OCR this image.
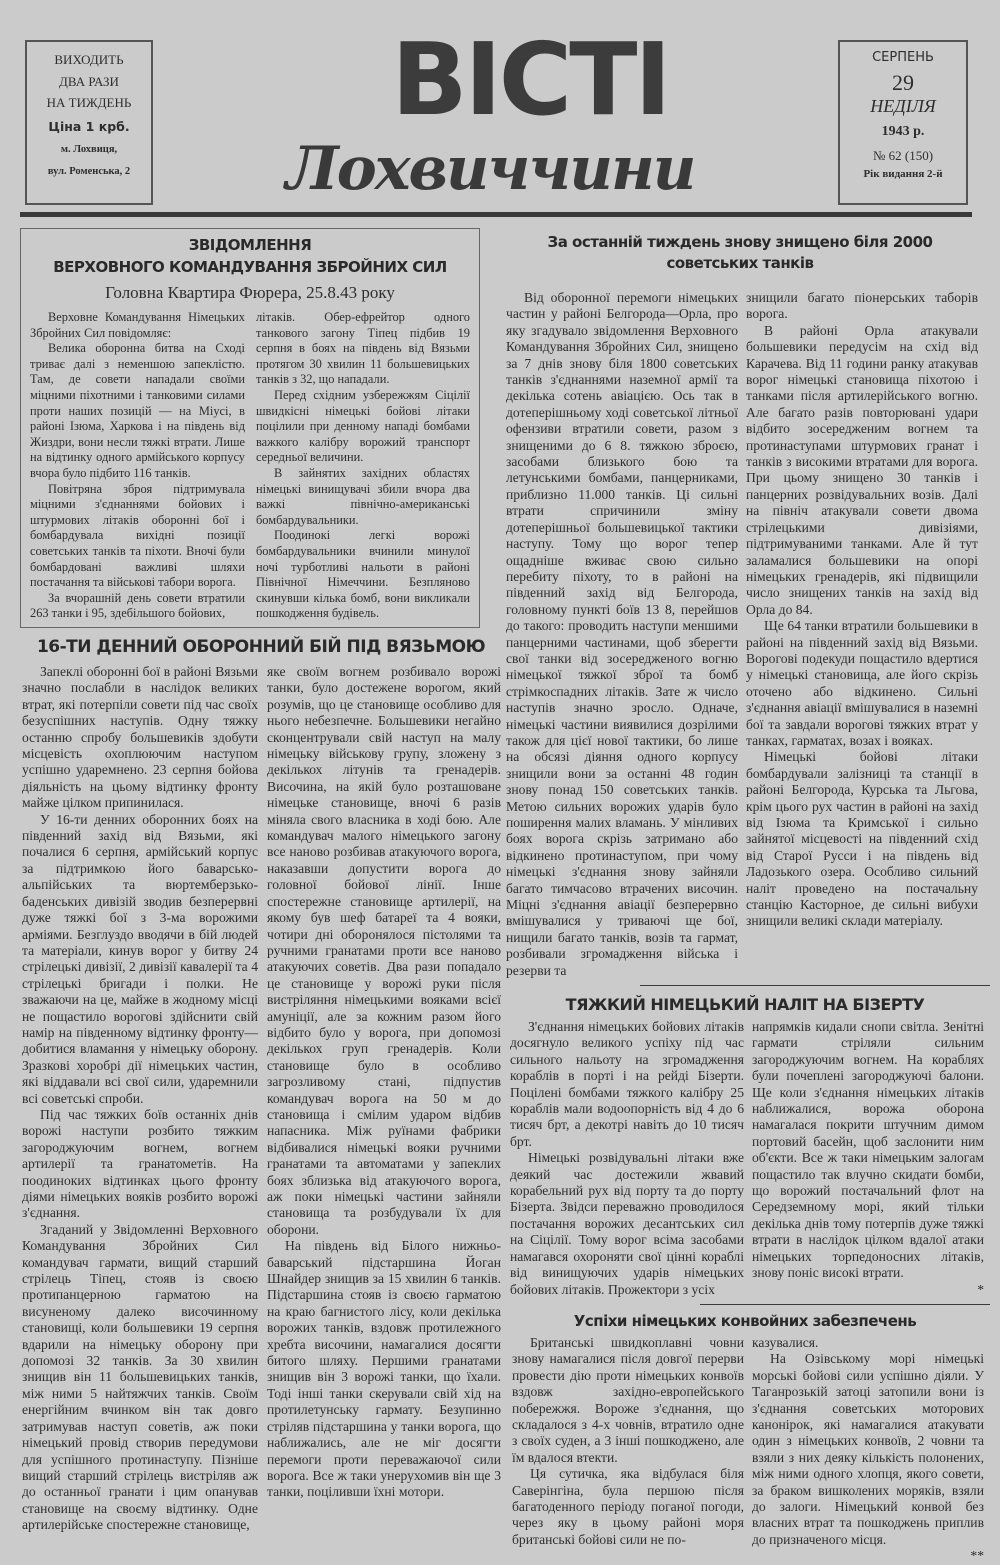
ВИХОДИТЬ
ДВА РАЗИ
НА ТИЖДЕНЬ
Ціна 1 крб.
м. Лохвиця,
вул. Роменська, 2
ВІСТІ
Лохвиччини
СЕРПЕНЬ
29
НЕДІЛЯ
1943 р.
№ 62 (150)
Рік видання 2-й
ЗВІДОМЛЕННЯ
ВЕРХОВНОГО КОМАНДУВАННЯ ЗБРОЙНИХ СИЛ
Головна Квартира Фюрера, 25.8.43 року

Верховне Командування Німецьких Збройних Сил повідомляє:

Велика оборонна битва на Сході триває далі з неменшою запеклістю. Там, де совети нападали своїми міцними піхотними і танковими силами проти наших позицій — на Міусі, в районі Ізюма, Харкова і на південь від Жиздри, вони несли тяжкі втрати. Лише на відтинку одного армійського корпусу вчора було підбито 116 танків.

Повітряна зброя підтримувала міцними з'єднаннями бойових і штурмових літаків оборонні бої і бомбардувала вихідні позиції советських танків та піхоти. Вночі були бомбардовані важливі шляхи постачання та військові табори ворога.

За вчорашній день совети втратили 263 танки і 95, здебільшого бойових,

літаків. Обер-ефрейтор одного танкового загону Тіпец підбив 19 серпня в боях на південь від Вязьми протягом 30 хвилин 11 большевицьких танків з 32, що нападали.

Перед східним узбережжям Сіцілії швидкісні німецькі бойові літаки поцілили при денному нападі бомбами важкого калібру ворожий транспорт середньої величини.

В зайнятих західних областях німецькі винищувачі збили вчора два важкі північно-американські бомбардувальники.

Поодинокі легкі ворожі бомбардувальники вчинили минулої ночі турботливі нальоти в районі Північної Німеччини. Безпляново скинувши кілька бомб, вони викликали пошкодження будівель.

За останній тиждень знову знищено біля 2000 советських танків

Від оборонної перемоги німецьких частин у районі Белгорода—Орла, про яку згадувало звідомлення Верховного Командування Збройних Сил, знищено за 7 днів знову біля 1800 советських танків з'єднаннями наземної армії та декілька сотень авіацією. Ось так в дотеперішньому ході советської літньої офензиви втратили совети, разом з знищеними до 6 8. тяжкою зброєю, засобами близького бою та летунськими бомбами, панцерниками, приблизно 11.000 танків. Ці сильні втрати спричинили зміну дотеперішньої большевицької тактики наступу. Тому що ворог тепер ощадніше вживає свою сильно перебиту піхоту, то в районі на південний захід від Белгорода, головному пункті боїв 13 8, перейшов до такого: проводить наступи меншими панцерними частинами, щоб зберегти свої танки від зосередженого вогню німецької тяжкої зброї та бомб стрімкоспадних літаків. Зате ж число наступів значно зросло. Одначе, німецькі частини виявилися дозрілими також для цієї нової тактики, бо лише на обсязі діяння одного корпусу знищили вони за останні 48 годин знову понад 150 советських танків. Метою сильних ворожих ударів було поширення малих вламань. У мінливих боях ворога скрізь затримано або відкинено протинаступом, при чому німецькі з'єднання знову зайняли багато тимчасово втрачених височин. Міцні з'єднання авіації безперервно вмішувалися у триваючі ще бої, нищили багато танків, возів та гармат, розбивали згромадження війська і резерви та

знищили багато піонерських таборів ворога.

В районі Орла атакували большевики передусім на схід від Карачева. Від 11 години ранку атакував ворог німецькі становища піхотою і танками після артилерійського вогню. Але багато разів повторювані удари відбито зосередженим вогнем та протинаступами штурмових гранат і танків з високими втратами для ворога. При цьому знищено 30 танків і панцерних розвідувальних возів. Далі на північ атакували совети двома стрілецькими дивізіями, підтримуваними танками. Але й тут заламалися большевики на опорі німецьких гренадерів, які підвищили число знищених танків на захід від Орла до 84.

Ще 64 танки втратили большевики в районі на південний захід від Вязьми. Ворогові подекуди пощастило вдертися у німецькі становища, але його скрізь оточено або відкинено. Сильні з'єднання авіації вмішувалися в наземні бої та завдали ворогові тяжких втрат у танках, гарматах, возах і вояках.

Німецькі бойові літаки бомбардували залізниці та станції в районі Белгорода, Курська та Льгова, крім цього рух частин в районі на захід від Ізюма та Кримської і сильно зайнятої місцевості на південний схід від Старої Русси і на південь від Ладозького озера. Особливо сильний наліт проведено на постачальну станцію Касторное, де сильні вибухи знищили великі склади матеріалу.

16-ТИ ДЕННИЙ ОБОРОННИЙ БІЙ ПІД ВЯЗЬМОЮ

Запеклі оборонні бої в районі Вязьми значно послабли в наслідок великих втрат, які потерпіли совети під час своїх безуспішних наступів. Одну тяжку останню спробу большевиків здобути місцевість охоплюючим наступом успішно ударемнено. 23 серпня бойова діяльність на цьому відтинку фронту майже цілком припинилася.

У 16-ти денних оборонних боях на південний захід від Вязьми, які почалися 6 серпня, армійський корпус за підтримкою його баварсько-альпійських та вюртемберзько-баденських дивізій зводив безперервні дуже тяжкі бої з 3-ма ворожими арміями. Безглуздо вводячи в бій людей та матеріали, кинув ворог у битву 24 стрілецькі дивізії, 2 дивізії кавалерії та 4 стрілецькі бригади і полки. Не зважаючи на це, майже в жодному місці не пощастило ворогові здійснити свій намір на південному відтинку фронту—добитися вламання у німецьку оборону. Зразкові хоробрі дії німецьких частин, які віддавали всі свої сили, ударемнили всі советські спроби.

Під час тяжких боїв останніх днів ворожі наступи розбито тяжким загороджуючим вогнем, вогнем артилерії та гранатометів. На поодиноких відтинках цього фронту діями німецьких вояків розбито ворожі з'єднання.

Згаданий у Звідомленні Верховного Командування Збройних Сил командувач гармати, вищий старший стрілець Тіпец, стояв із своєю протипанцерною гарматою на висуненому далеко височинному становищі, коли большевики 19 серпня вдарили на німецьку оборону при допомозі 32 танків. За 30 хвилин знищив він 11 большевицьких танків, між ними 5 найтяжчих танків. Своїм енергійним вчинком він так довго затримував наступ советів, аж поки німецький провід створив передумови для успішного протинаступу. Пізніше вищий старший стрілець вистріляв аж до останньої гранати і цим опанував становище на своєму відтинку. Одне артилерійське спостережне становище,

яке своїм вогнем розбивало ворожі танки, було достежене ворогом, який розумів, що це становище особливо для нього небезпечне. Большевики негайно сконцентрували свій наступ на малу німецьку військову групу, зложену з декількох літунів та гренадерів. Височина, на якій було розташоване німецьке становище, вночі 6 разів міняла свого власника в ході бою. Але командувач малого німецького загону все наново розбивав атакуючого ворога, наказавши допустити ворога до головної бойової лінії. Інше спостережне становище артилерії, на якому був шеф батареї та 4 вояки, чотири дні оборонялося пістолями та ручними гранатами проти все наново атакуючих советів. Два рази попадало це становище у ворожі руки після вистріляння німецькими вояками всієї амуніції, але за кожним разом його відбито було у ворога, при допомозі декількох груп гренадерів. Коли становище було в особливо загрозливому стані, підпустив командувач ворога на 50 м до становища і смілим ударом відбив напасника. Між руїнами фабрики відбивалися німецькі вояки ручними гранатами та автоматами у запеклих боях зблизька від атакуючого ворога, аж поки німецькі частини зайняли становища та розбудували їх для оборони.

На південь від Білого нижньо-баварський підстаршина Йоган Шнайдер знищив за 15 хвилин 6 танків. Підстаршина стояв із своєю гарматою на краю багнистого лісу, коли декілька ворожих танків, вздовж протилежного хребта височини, намагалися досягти битого шляху. Першими гранатами знищив він 3 ворожі танки, що їхали. Тоді інші танки скерували свій хід на протилетунську гармату. Безупинно стріляв підстаршина у танки ворога, що наближались, але не міг досягти перемоги проти переважаючої сили ворога. Все ж таки унерухомив він ще 3 танки, поціливши їхні мотори.

ТЯЖКИЙ НІМЕЦЬКИЙ НАЛІТ НА БІЗЕРТУ

З'єднання німецьких бойових літаків досягнуло великого успіху під час сильного нальоту на згромадження кораблів в порті і на рейді Бізерти. Поцілені бомбами тяжкого калібру 25 кораблів мали водоопорність від 4 до 6 тисяч брт, а декотрі навіть до 10 тисяч брт.

Німецькі розвідувальні літаки вже деякий час достежили жвавий корабельний рух від порту та до порту Бізерта. Звідси переважно проводилося постачання ворожих десантських сил на Сіцілії. Тому ворог всіма засобами намагався охороняти свої цінні кораблі від винищуючих ударів німецьких бойових літаків. Прожектори з усіх

напрямків кидали снопи світла. Зенітні гармати стріляли сильним загороджуючим вогнем. На кораблях були почеплені загороджуючі балони. Ще коли з'єднання німецьких літаків наближалися, ворожа оборона намагалася покрити штучним димом портовий басейн, щоб заслонити ним об'єкти. Все ж таки німецьким залогам пощастило так влучно скидати бомби, що ворожий постачальний флот на Середземному морі, який тільки декілька днів тому потерпів дуже тяжкі втрати в наслідок цілком вдалої атаки німецьких торпедоносних літаків, знову поніс високі втрати.

*

Успіхи німецьких конвойних забезпечень

Британські швидкоплавні човни знову намагалися після довгої перерви провести дію проти німецьких конвоїв вздовж західно-европейського побережжя. Вороже з'єднання, що складалося з 4-х човнів, втратило одне з своїх суден, а 3 інші пошкоджено, але їм вдалося втекти.

Ця сутичка, яка відбулася біля Саверінгіна, була першою після багатоденного періоду поганої погоди, через яку в цьому районі моря британські бойові сили не по-

казувалися.

На Озівському морі німецькі морські бойові сили успішно діяли. У Таганрозькій затоці затопили вони із з'єднання советських моторових канонірок, які намагалися атакувати один з німецьких конвоїв, 2 човни та взяли з них деяку кількість полонених, між ними одного хлопця, якого совети, за браком вишколених моряків, взяли до залоги. Німецький конвой без власних втрат та пошкоджень приплив до призначеного місця.

**
